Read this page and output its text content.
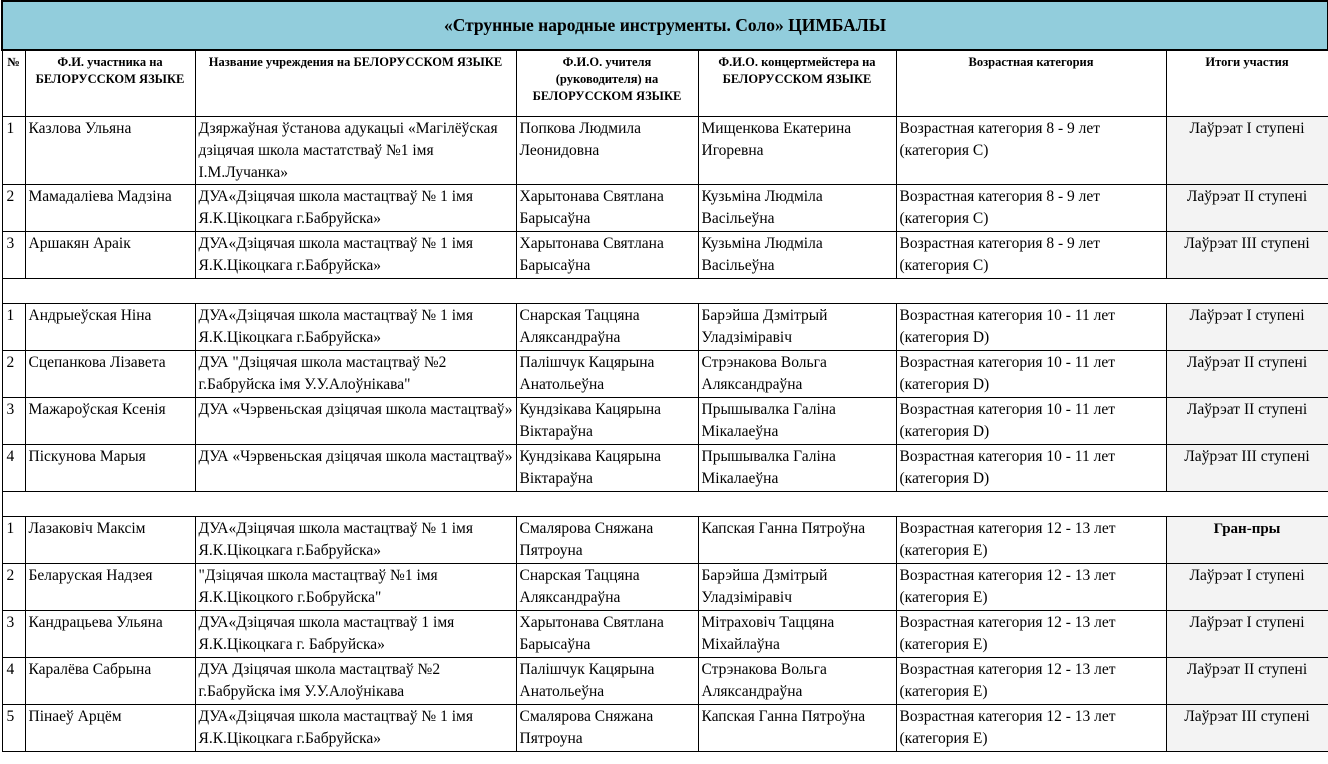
«Струнные народные инструменты. Соло» ЦИМБАЛЫ						
№	Ф.И. участника на БЕЛОРУССКОМ ЯЗЫКЕ	Название учреждения на БЕЛОРУССКОМ ЯЗЫКЕ	Ф.И.О. учителя (руководителя) на БЕЛОРУССКОМ ЯЗЫКЕ	Ф.И.О. концертмейстера на БЕЛОРУССКОМ ЯЗЫКЕ	Возрастная категория	Итоги участия
1	Казлова Ульяна	Дзяржаўная ўстанова адукацыі «Магілёўская дзіцячая школа мастатстваў №1 імя І.М.Лучанка»	Попкова Людмила Леонидовна	Мищенкова Екатерина Игоревна	Возрастная категория 8 - 9 лет (категория С)	Лаўрэат I ступені
2	Мамадаліева Мадзіна	ДУА«Дзіцячая школа мастацтваў № 1 імя Я.К.Цікоцкага г.Бабруйска»	Харытонава Святлана Барысаўна	Кузьміна Людміла Васільеўна	Возрастная категория 8 - 9 лет (категория С)	Лаўрэат II ступені
3	Аршакян Араік	ДУА«Дзіцячая школа мастацтваў № 1 імя Я.К.Цікоцкага г.Бабруйска»	Харытонава Святлана Барысаўна	Кузьміна Людміла Васільеўна	Возрастная категория 8 - 9 лет (категория С)	Лаўрэат III ступені

1	Андрыеўская Ніна	ДУА«Дзіцячая школа мастацтваў № 1 імя Я.К.Цікоцкага г.Бабруйска»	Снарская Таццяна Аляксандраўна	Барэйша Дзмітрый Уладзіміравіч	Возрастная категория 10 - 11 лет (категория D)	Лаўрэат I ступені
2	Сцепанкова Лізавета	ДУА "Дзіцячая школа мастацтваў №2 г.Бабруйска імя У.У.Алоўнікава"	Палішчук Кацярына Анатольеўна	Стрэнакова Вольга Аляксандраўна	Возрастная категория 10 - 11 лет (категория D)	Лаўрэат II ступені
3	Мажароўская Ксенія	ДУА «Чэрвеньская дзіцячая школа мастацтваў»	Кундзікава Кацярына Віктараўна	Прышывалка Галіна Мікалаеўна	Возрастная категория 10 - 11 лет (категория D)	Лаўрэат II ступені
4	Піскунова Марыя	ДУА «Чэрвеньская дзіцячая школа мастацтваў»	Кундзікава Кацярына Віктараўна	Прышывалка Галіна Мікалаеўна	Возрастная категория 10 - 11 лет (категория D)	Лаўрэат III ступені

1	Лазаковіч Максім	ДУА«Дзіцячая школа мастацтваў № 1 імя Я.К.Цікоцкага г.Бабруйска»	Смалярова Сняжана Пятроуна	Капская Ганна Пятроўна	Возрастная категория 12 - 13 лет (категория Е)	Гран-пры
2	Беларуская Надзея	"Дзіцячая школа мастацтваў №1 імя Я.К.Цікоцкого г.Бобруйска"	Снарская Таццяна Аляксандраўна	Барэйша Дзмітрый Уладзіміравіч	Возрастная категория 12 - 13 лет (категория Е)	Лаўрэат I ступені
3	Кандрацьева Ульяна	ДУА«Дзіцячая школа мастацтваў 1 імя Я.К.Цікоцкага г. Бабруйска»	Харытонава Святлана Барысаўна	Мітраховіч Таццяна Міхайлаўна	Возрастная категория 12 - 13 лет (категория Е)	Лаўрэат I ступені
4	Каралёва Сабрына	ДУА Дзіцячая школа мастацтваў №2 г.Бабруйска імя У.У.Алоўнікава	Палішчук Кацярына Анатольеўна	Стрэнакова Вольга Аляксандраўна	Возрастная категория 12 - 13 лет (категория Е)	Лаўрэат II ступені
5	Пінаеў Арцём	ДУА«Дзіцячая школа мастацтваў № 1 імя Я.К.Цікоцкага г.Бабруйска»	Смалярова Сняжана Пятроуна	Капская Ганна Пятроўна	Возрастная категория 12 - 13 лет (категория Е)	Лаўрэат III ступені
